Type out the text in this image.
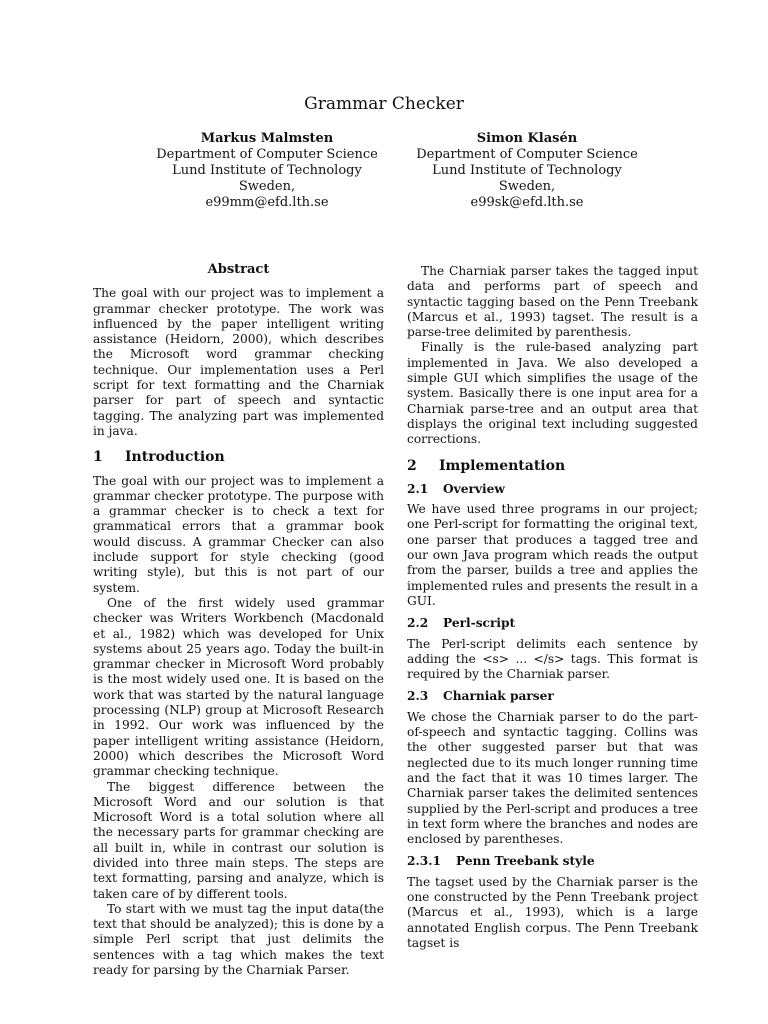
Grammar Checker
Markus Malmsten
Department of Computer Science
Lund Institute of Technology
Sweden,
e99mm@efd.lth.se
Simon Klasén
Department of Computer Science
Lund Institute of Technology
Sweden,
e99sk@efd.lth.se
Abstract

The goal with our project was to implement a grammar checker prototype. The work was influenced by the paper intelligent writing assistance (Heidorn, 2000), which describes the Microsoft word grammar checking technique. Our implementation uses a Perl script for text formatting and the Charniak parser for part of speech and syntactic tagging. The analyzing part was implemented in java.

1 Introduction

The goal with our project was to implement a grammar checker prototype. The purpose with a grammar checker is to check a text for grammatical errors that a grammar book would discuss. A grammar Checker can also include support for style checking (good writing style), but this is not part of our system.

One of the first widely used grammar checker was Writers Workbench (Macdonald et al., 1982) which was developed for Unix systems about 25 years ago. Today the built-in grammar checker in Microsoft Word probably is the most widely used one. It is based on the work that was started by the natural language processing (NLP) group at Microsoft Research in 1992. Our work was influenced by the paper intelligent writing assistance (Heidorn, 2000) which describes the Microsoft Word grammar checking technique.

The biggest difference between the Microsoft Word and our solution is that Microsoft Word is a total solution where all the necessary parts for grammar checking are all built in, while in contrast our solution is divided into three main steps. The steps are text formatting, parsing and analyze, which is taken care of by different tools.

To start with we must tag the input data(the text that should be analyzed); this is done by a simple Perl script that just delimits the sentences with a tag which makes the text ready for parsing by the Charniak Parser.

The Charniak parser takes the tagged input data and performs part of speech and syntactic tagging based on the Penn Treebank (Marcus et al., 1993) tagset. The result is a parse-tree delimited by parenthesis.

Finally is the rule-based analyzing part implemented in Java. We also developed a simple GUI which simplifies the usage of the system. Basically there is one input area for a Charniak parse-tree and an output area that displays the original text including suggested corrections.

2 Implementation
2.1 Overview

We have used three programs in our project; one Perl-script for formatting the original text, one parser that produces a tagged tree and our own Java program which reads the output from the parser, builds a tree and applies the implemented rules and presents the result in a GUI.

2.2 Perl-script

The Perl-script delimits each sentence by adding the <s> ... </s> tags. This format is required by the Charniak parser.

2.3 Charniak parser

We chose the Charniak parser to do the part-of-speech and syntactic tagging. Collins was the other suggested parser but that was neglected due to its much longer running time and the fact that it was 10 times larger. The Charniak parser takes the delimited sentences supplied by the Perl-script and produces a tree in text form where the branches and nodes are enclosed by parentheses.

2.3.1 Penn Treebank style

The tagset used by the Charniak parser is the one constructed by the Penn Treebank project (Marcus et al., 1993), which is a large annotated English corpus. The Penn Treebank tagset is
